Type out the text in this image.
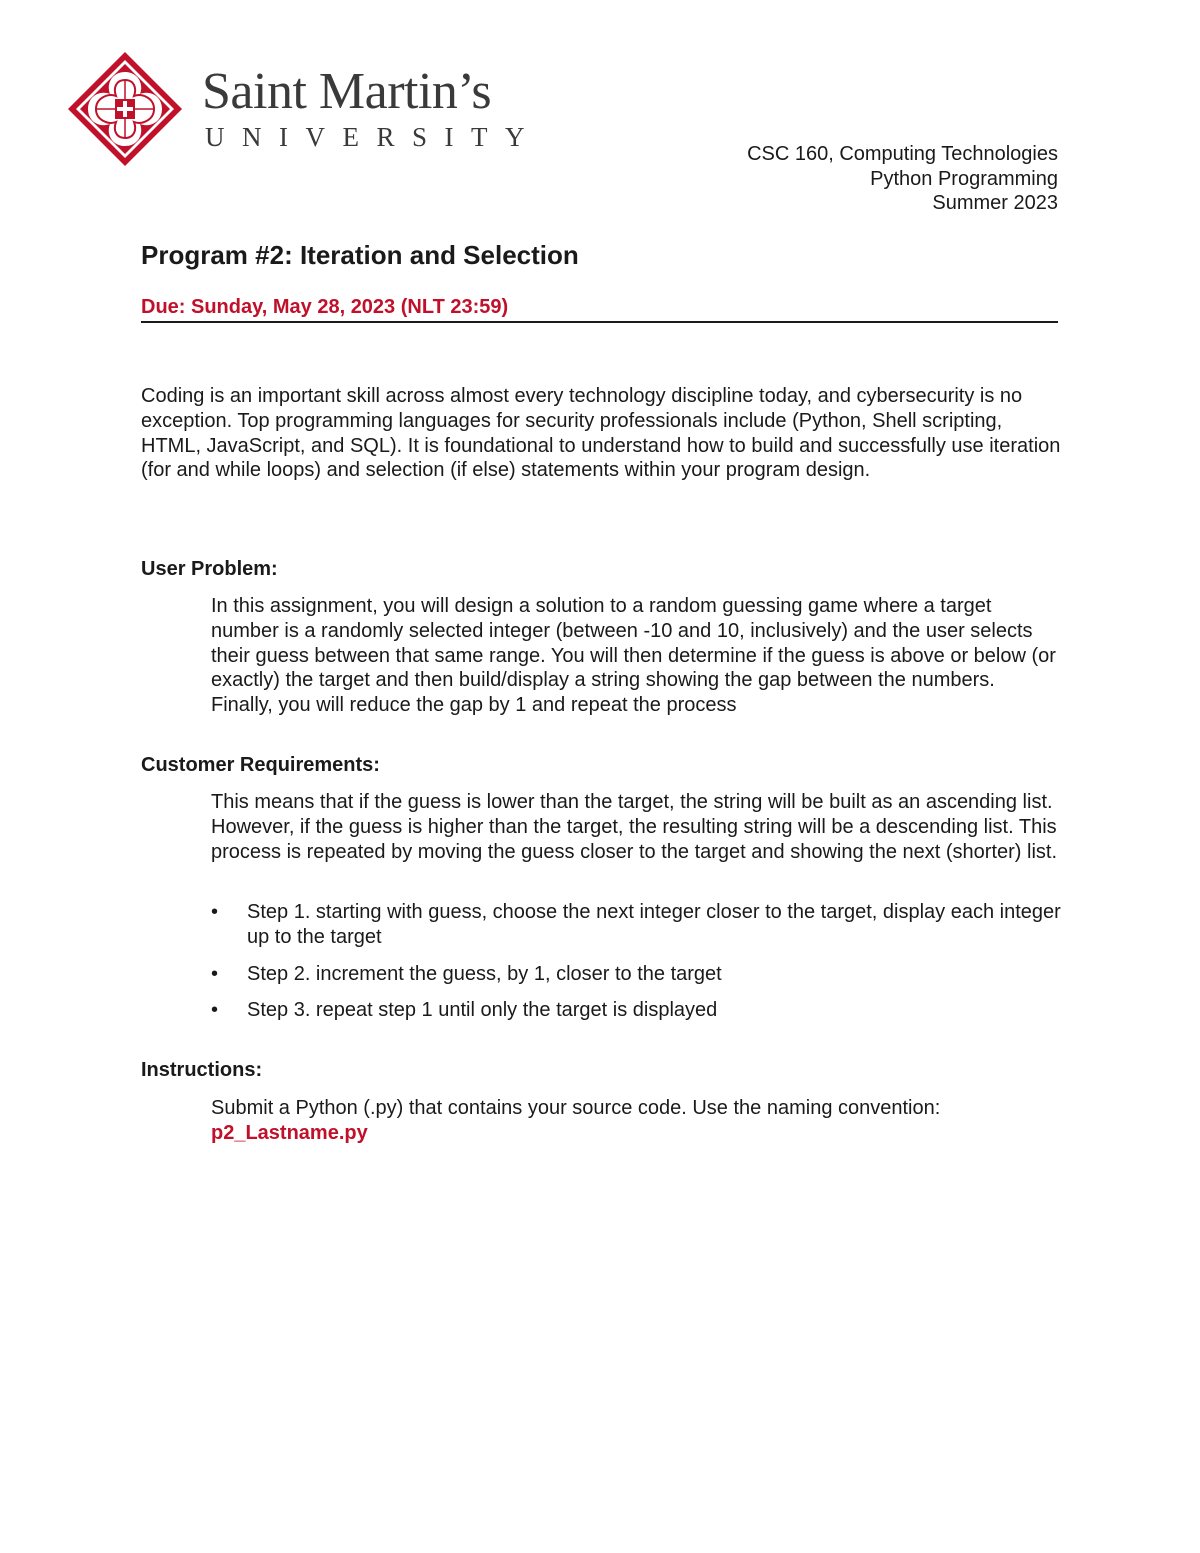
Saint Martin’s
UNIVERSITY
CSC 160, Computing Technologies
Python Programming
Summer 2023
Program #2: Iteration and Selection
Due: Sunday, May 28, 2023 (NLT 23:59)
Coding is an important skill across almost every technology discipline today, and cybersecurity is no exception. Top programming languages for security professionals include (Python, Shell scripting, HTML, JavaScript, and SQL). It is foundational to understand how to build and successfully use iteration (for and while loops) and selection (if else) statements within your program design.
User Problem:
In this assignment, you will design a solution to a random guessing game where a target number is a randomly selected integer (between -10 and 10, inclusively) and the user selects their guess between that same range. You will then determine if the guess is above or below (or exactly) the target and then build/display a string showing the gap between the numbers. Finally, you will reduce the gap by 1 and repeat the process
Customer Requirements:
This means that if the guess is lower than the target, the string will be built as an ascending list. However, if the guess is higher than the target, the resulting string will be a descending list. This process is repeated by moving the guess closer to the target and showing the next (shorter) list.
• Step 1. starting with guess, choose the next integer closer to the target, display each integer up to the target
• Step 2. increment the guess, by 1, closer to the target
• Step 3. repeat step 1 until only the target is displayed
Instructions:
Submit a Python (.py) that contains your source code. Use the naming convention:
p2_Lastname.py
